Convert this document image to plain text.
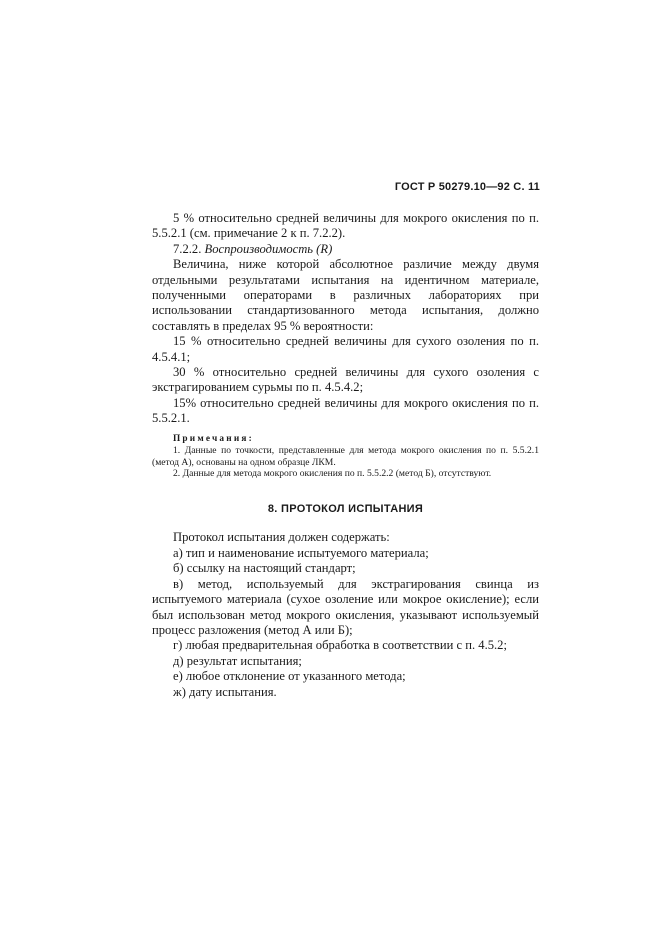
ГОСТ Р 50279.10—92 С. 11

5 % относительно средней величины для мокрого окисления по п. 5.5.2.1 (см. примечание 2 к п. 7.2.2).

7.2.2. Воспроизводимость (R)

Величина, ниже которой абсолютное различие между двумя отдельными результатами испытания на идентичном материале, полученными операторами в различных лабораториях при использовании стандартизованного метода испытания, должно составлять в пределах 95 % вероятности:

15 % относительно средней величины для сухого озоления по п. 4.5.4.1;

30 % относительно средней величины для сухого озоления с экстрагированием сурьмы по п. 4.5.4.2;

15% относительно средней величины для мокрого окисления по п. 5.5.2.1.

Примечания:

1. Данные по точкости, представленные для метода мокрого окисления по п. 5.5.2.1 (метод А), основаны на одном образце ЛКМ.

2. Данные для метода мокрого окисления по п. 5.5.2.2 (метод Б), отсутствуют.

8. ПРОТОКОЛ ИСПЫТАНИЯ

Протокол испытания должен содержать:

а) тип и наименование испытуемого материала;

б) ссылку на настоящий стандарт;

в) метод, используемый для экстрагирования свинца из испытуемого материала (сухое озоление или мокрое окисление); если был использован метод мокрого окисления, указывают используемый процесс разложения (метод А или Б);

г) любая предварительная обработка в соответствии с п. 4.5.2;

д) результат испытания;

е) любое отклонение от указанного метода;

ж) дату испытания.
